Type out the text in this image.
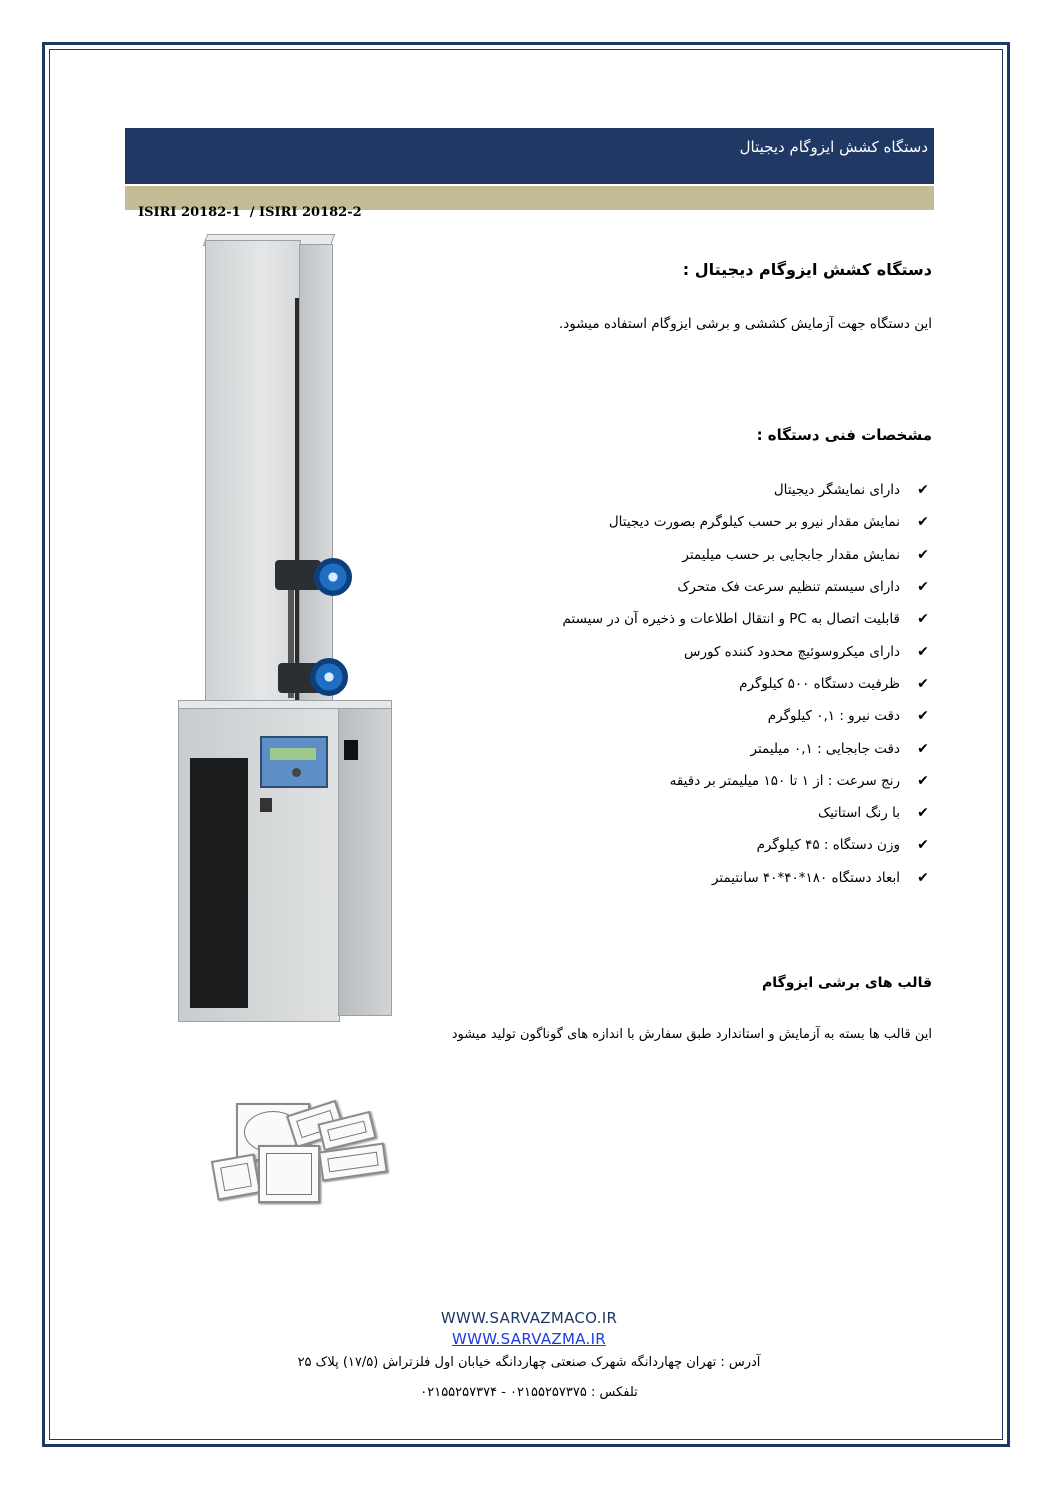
دستگاه کشش ایزوگام دیجیتال

ISIRI 20182-1  / ISIRI 20182-2

دستگاه کشش ایزوگام دیجیتال :
این دستگاه جهت آزمایش کششی و برشی ایزوگام استفاده میشود.
مشخصات فنی دستگاه :
✔
دارای نمایشگر دیجیتال
✔
نمایش مقدار نیرو بر حسب کیلوگرم بصورت دیجیتال
✔
نمایش مقدار جابجایی بر حسب میلیمتر
✔
دارای سیستم تنظیم سرعت فک متحرک
✔
قابلیت اتصال به PC و انتقال اطلاعات و ذخیره آن در سیستم
✔
دارای میکروسوئیچ محدود کننده کورس
✔
ظرفیت دستگاه ۵۰۰ کیلوگرم
✔
دقت نیرو : ۰,۱ کیلوگرم
✔
دقت جابجایی : ۰,۱ میلیمتر
✔
رنج سرعت : از ۱ تا ۱۵۰ میلیمتر بر دقیقه
✔
با رنگ استاتیک
✔
وزن دستگاه : ۴۵ کیلوگرم
✔
ابعاد دستگاه ۱۸۰*۴۰*۴۰ سانتیمتر
قالب های برشی ایزوگام
این قالب ها بسته به آزمایش و استاندارد طبق سفارش با اندازه های گوناگون تولید میشود
WWW.SARVAZMACO.IR
WWW.SARVAZMA.IR
آدرس : تهران چهاردانگه شهرک صنعتی چهاردانگه خیابان اول فلزتراش (۱۷/۵) پلاک ۲۵
تلفکس : ۰۲۱۵۵۲۵۷۳۷۵ - ۰۲۱۵۵۲۵۷۳۷۴
